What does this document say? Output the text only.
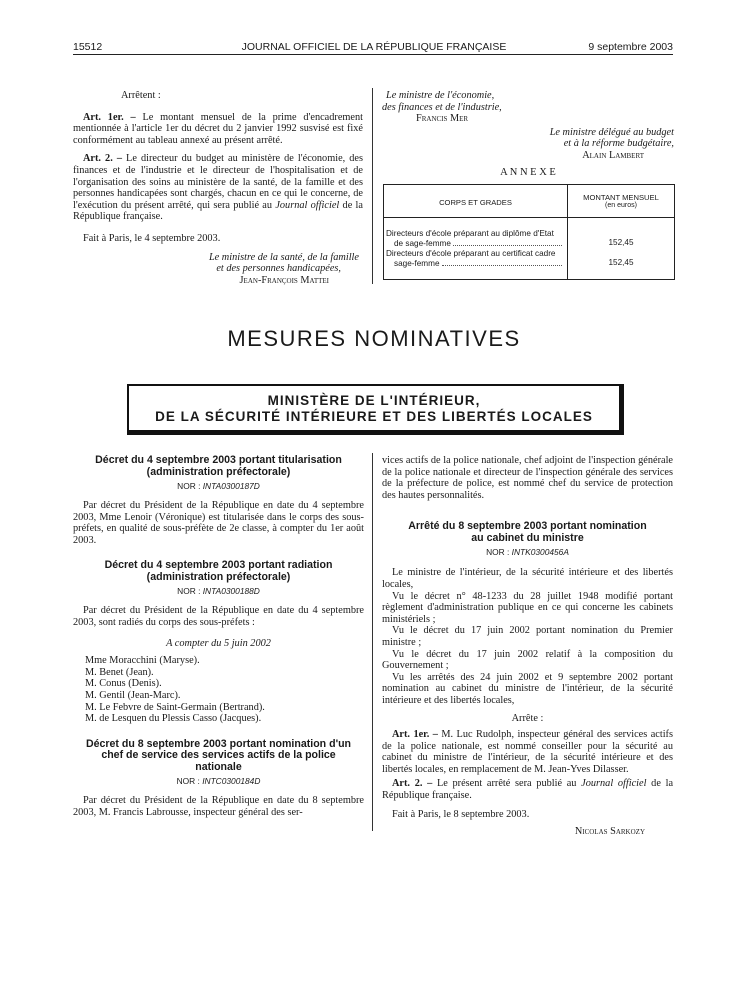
15512	JOURNAL OFFICIEL DE LA RÉPUBLIQUE FRANÇAISE	9 septembre 2003

Arrêtent :

Art. 1er. – Le montant mensuel de la prime d'encadrement mentionnée à l'article 1er du décret du 2 janvier 1992 susvisé est fixé conformément au tableau annexé au présent arrêté.

Art. 2. – Le directeur du budget au ministère de l'économie, des finances et de l'industrie et le directeur de l'hospitalisation et de l'organisation des soins au ministère de la santé, de la famille et des personnes handicapées sont chargés, chacun en ce qui le concerne, de l'exécution du présent arrêté, qui sera publié au Journal officiel de la République française.

Fait à Paris, le 4 septembre 2003.

Le ministre de la santé, de la famille
et des personnes handicapées,
Jean-François Mattei
Le ministre de l'économie,
des finances et de l'industrie,
Francis Mer
Le ministre délégué au budget
et à la réforme budgétaire,
Alain Lambert
A N N E X E
CORPS ET GRADES
MONTANT MENSUEL
(en euros)
Directeurs d'école préparant au diplôme d'Etat
de sage-femme	152,45
Directeurs d'école préparant au certificat cadre
sage-femme	152,45
MESURES NOMINATIVES
MINISTÈRE DE L'INTÉRIEUR,
DE LA SÉCURITÉ INTÉRIEURE ET DES LIBERTÉS LOCALES
Décret du 4 septembre 2003 portant titularisation
(administration préfectorale)
NOR : INTA0300187D

Par décret du Président de la République en date du 4 septembre 2003, Mme Lenoir (Véronique) est titularisée dans le corps des sous-préfets, en qualité de sous-préfète de 2e classe, à compter du 1er août 2003.

Décret du 4 septembre 2003 portant radiation
(administration préfectorale)
NOR : INTA0300188D

Par décret du Président de la République en date du 4 septembre 2003, sont radiés du corps des sous-préfets :

A compter du 5 juin 2002
Mme Moracchini (Maryse).
M. Benet (Jean).
M. Conus (Denis).
M. Gentil (Jean-Marc).
M. Le Febvre de Saint-Germain (Bertrand).
M. de Lesquen du Plessis Casso (Jacques).
Décret du 8 septembre 2003 portant nomination d'un
chef de service des services actifs de la police
nationale
NOR : INTC0300184D

Par décret du Président de la République en date du 8 septembre 2003, M. Francis Labrousse, inspecteur général des ser-

vices actifs de la police nationale, chef adjoint de l'inspection générale de la police nationale et directeur de l'inspection générale des services de la préfecture de police, est nommé chef du service de protection des hautes personnalités.

Arrêté du 8 septembre 2003 portant nomination
au cabinet du ministre
NOR : INTK0300456A

Le ministre de l'intérieur, de la sécurité intérieure et des libertés locales,

Vu le décret n° 48-1233 du 28 juillet 1948 modifié portant règlement d'administration publique en ce qui concerne les cabinets ministériels ;

Vu le décret du 17 juin 2002 portant nomination du Premier ministre ;

Vu le décret du 17 juin 2002 relatif à la composition du Gouvernement ;

Vu les arrêtés des 24 juin 2002 et 9 septembre 2002 portant nomination au cabinet du ministre de l'intérieur, de la sécurité intérieure et des libertés locales,

Arrête :

Art. 1er. – M. Luc Rudolph, inspecteur général des services actifs de la police nationale, est nommé conseiller pour la sécurité au cabinet du ministre de l'intérieur, de la sécurité intérieure et des libertés locales, en remplacement de M. Jean-Yves Dilasser.

Art. 2. – Le présent arrêté sera publié au Journal officiel de la République française.

Fait à Paris, le 8 septembre 2003.

Nicolas Sarkozy
